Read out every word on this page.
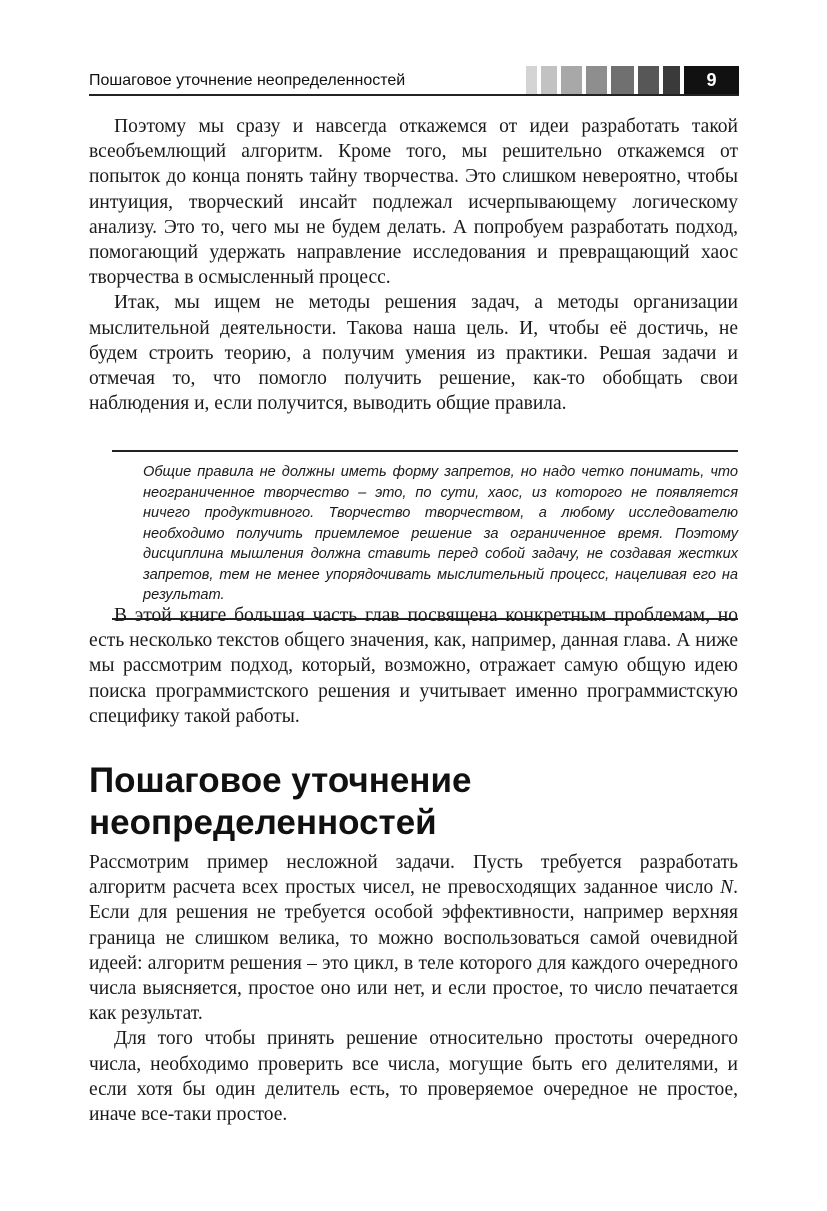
Пошаговое уточнение неопределенностей	9

Поэтому мы сразу и навсегда откажемся от идеи разработать такой всеобъемлющий алгоритм. Кроме того, мы решительно откажемся от попыток до конца понять тайну творчества. Это слишком невероятно, чтобы интуиция, творческий инсайт подлежал исчерпывающему логическому анализу. Это то, чего мы не будем делать. А попробуем разработать подход, помогающий удержать направление исследования и превращающий хаос творчества в осмысленный процесс.

Итак, мы ищем не методы решения задач, а методы организации мыслительной деятельности. Такова наша цель. И, чтобы её достичь, не будем строить теорию, а получим умения из практики. Решая задачи и отмечая то, что помогло получить решение, как-то обобщать свои наблюдения и, если получится, выводить общие правила.

Общие правила не должны иметь форму запретов, но надо четко понимать, что неограниченное творчество – это, по сути, хаос, из которого не появляется ничего продуктивного. Творчество творчеством, а любому исследователю необходимо получить приемлемое решение за ограниченное время. Поэтому дисциплина мышления должна ставить перед собой задачу, не создавая жестких запретов, тем не менее упорядочивать мыслительный процесс, нацеливая его на результат.

В этой книге большая часть глав посвящена конкретным проблемам, но есть несколько текстов общего значения, как, например, данная глава. А ниже мы рассмотрим подход, который, возможно, отражает самую общую идею поиска программистского решения и учитывает именно программистскую специфику такой работы.

Пошаговое уточнение
неопределенностей

Рассмотрим пример несложной задачи. Пусть требуется разработать алгоритм расчета всех простых чисел, не превосходящих заданное число N. Если для решения не требуется особой эффективности, например верхняя граница не слишком велика, то можно воспользоваться самой очевидной идеей: алгоритм решения – это цикл, в теле которого для каждого очередного числа выясняется, простое оно или нет, и если простое, то число печатается как результат.

Для того чтобы принять решение относительно простоты очередного числа, необходимо проверить все числа, могущие быть его делителями, и если хотя бы один делитель есть, то проверяемое очередное не простое, иначе все-таки простое.
